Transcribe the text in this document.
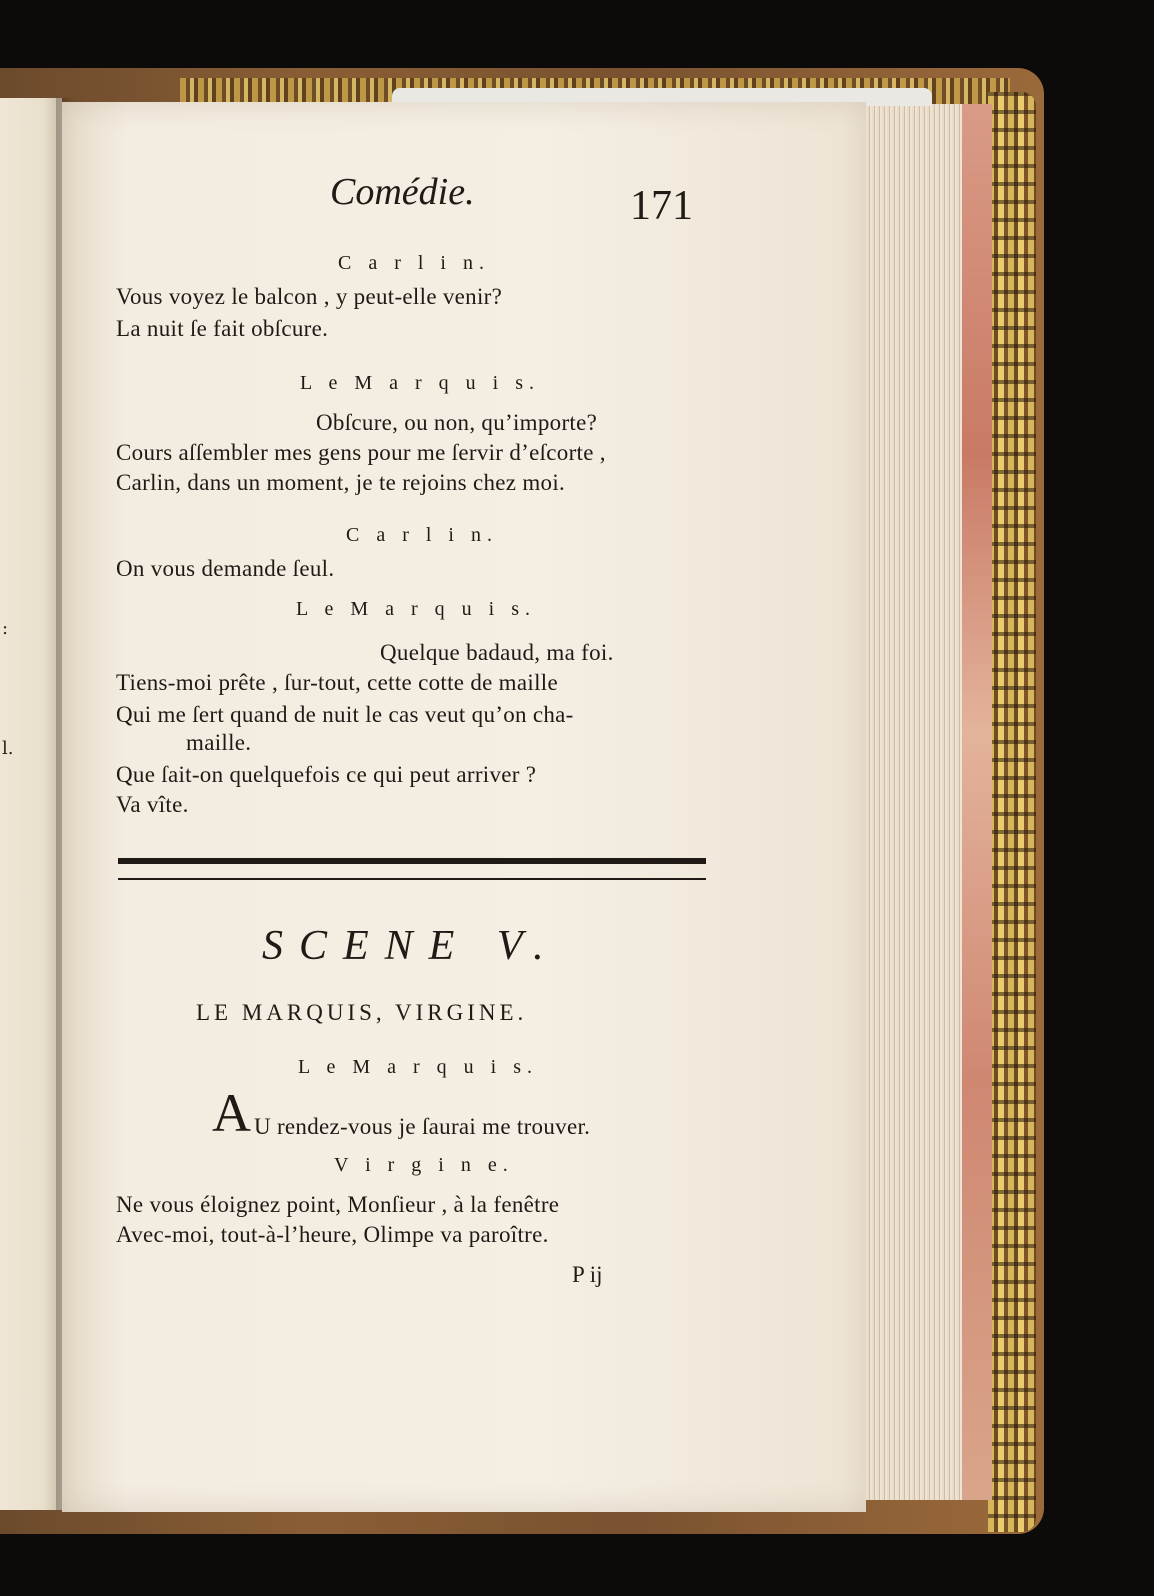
:
l.
Comédie.	171
C a r l i n.
Vous voyez le balcon , y peut-elle venir?
La nuit ſe fait obſcure.
L e M a r q u i s.
Obſcure, ou non, qu’importe?
Cours aſſembler mes gens pour me ſervir d’eſcorte ,
Carlin, dans un moment, je te rejoins chez moi.
C a r l i n.
On vous demande ſeul.
L e M a r q u i s.
Quelque badaud, ma foi.
Tiens-moi prête , ſur-tout, cette cotte de maille
Qui me ſert quand de nuit le cas veut qu’on cha-
maille.
Que ſait-on quelquefois ce qui peut arriver ?
Va vîte.
SCENE V.
LE MARQUIS, VIRGINE.
L e M a r q u i s.
A U rendez-vous je ſaurai me trouver.
V i r g i n e.
Ne vous éloignez point, Monſieur , à la fenêtre
Avec-moi, tout-à-l’heure, Olimpe va paroître.
P ij
